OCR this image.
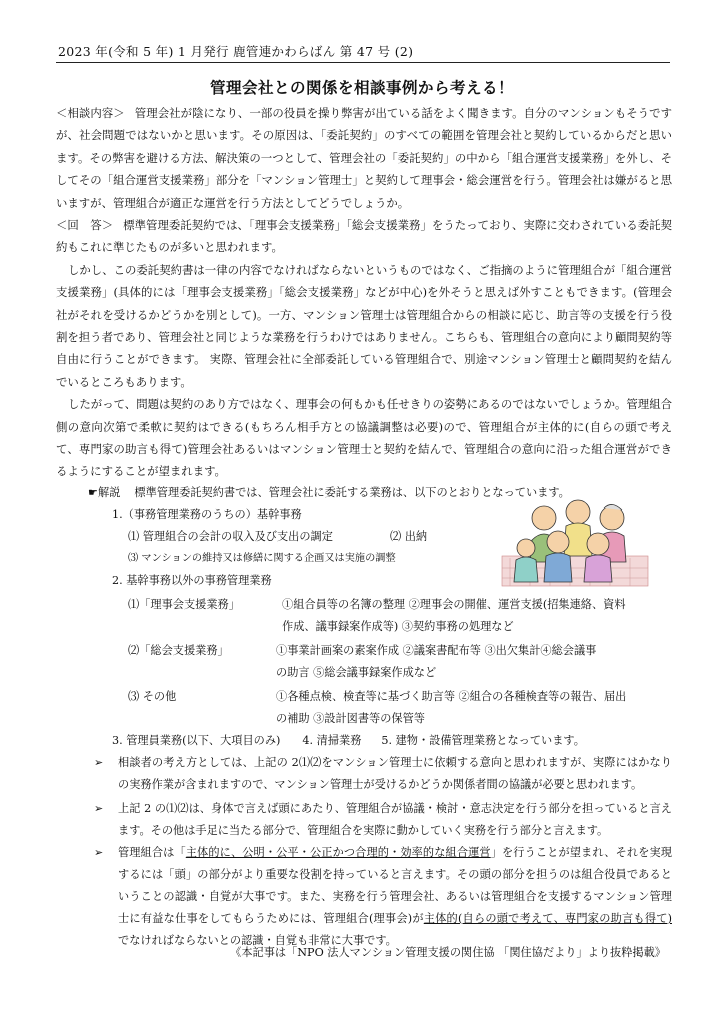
2023 年(令和 5 年) 1 月発行 鹿管連かわらばん 第 47 号 (2)
管理会社との関係を相談事例から考える！

＜相談内容＞ 管理会社が陰になり、一部の役員を操り弊害が出ている話をよく聞きます。自分のマンションもそうですが、社会問題ではないかと思います。その原因は、「委託契約」のすべての範囲を管理会社と契約しているからだと思います。その弊害を避ける方法、解決策の一つとして、管理会社の「委託契約」の中から「組合運営支援業務」を外し、そしてその「組合運営支援業務」部分を「マンション管理士」と契約して理事会・総会運営を行う。管理会社は嫌がると思いますが、管理組合が適正な運営を行う方法としてどうでしょうか。

＜回　答＞ 標準管理委託契約では、「理事会支援業務」「総会支援業務」をうたっており、実際に交わされている委託契約もこれに準じたものが多いと思われます。

しかし、この委託契約書は一律の内容でなければならないというものではなく、ご指摘のように管理組合が「組合運営支援業務」(具体的には「理事会支援業務」「総会支援業務」などが中心)を外そうと思えば外すこともできます。(管理会社がそれを受けるかどうかを別として)。一方、マンション管理士は管理組合からの相談に応じ、助言等の支援を行う役割を担う者であり、管理会社と同じような業務を行うわけではありません。こちらも、管理組合の意向により顧問契約等自由に行うことができます。 実際、管理会社に全部委託している管理組合で、別途マンション管理士と顧問契約を結んでいるところもあります。

したがって、問題は契約のあり方ではなく、理事会の何もかも任せきりの姿勢にあるのではないでしょうか。管理組合側の意向次第で柔軟に契約はできる(もちろん相手方との協議調整は必要)ので、管理組合が主体的に(自らの頭で考えて、専門家の助言も得て)管理会社あるいはマンション管理士と契約を結んで、管理組合の意向に沿った組合運営ができるようにすることが望まれます。

☛解説 標準管理委託契約書では、管理会社に委託する業務は、以下のとおりとなっています。
1.（事務管理業務のうちの）基幹事務
⑴ 管理組合の会計の収入及び支出の調定	⑵ 出納
⑶ マンションの維持又は修繕に関する企画又は実施の調整
2. 基幹事務以外の事務管理業務
⑴「理事会支援業務」	①組合員等の名簿の整理 ②理事会の開催、運営支援(招集連絡、資料
作成、議事録案作成等) ③契約事務の処理など
⑵「総会支援業務」	①事業計画案の素案作成 ②議案書配布等 ③出欠集計④総会議事
の助言 ⑤総会議事録案作成など
⑶ その他	①各種点検、検査等に基づく助言等 ②組合の各種検査等の報告、届出
の補助 ③設計図書等の保管等
3. 管理員業務(以下、大項目のみ) 4. 清掃業務 5. 建物・設備管理業務となっています。
➢ 相談者の考え方としては、上記の 2⑴⑵をマンション管理士に依頼する意向と思われますが、実際にはかなりの実務作業が含まれますので、マンション管理士が受けるかどうか関係者間の協議が必要と思われます。
➢ 上記 2 の⑴⑵は、身体で言えば頭にあたり、管理組合が協議・検討・意志決定を行う部分を担っていると言えます。その他は手足に当たる部分で、管理組合を実際に動かしていく実務を行う部分と言えます。
➢ 管理組合は「主体的に、公明・公平・公正かつ合理的・効率的な組合運営」を行うことが望まれ、それを実現するには「頭」の部分がより重要な役割を持っていると言えます。その頭の部分を担うのは組合役員であるということの認識・自覚が大事です。また、実務を行う管理会社、あるいは管理組合を支援するマンション管理士に有益な仕事をしてもらうためには、管理組合(理事会)が主体的(自らの頭で考えて、専門家の助言も得て)でなければならないとの認識・自覚も非常に大事です。
《本記事は「NPO 法人マンション管理支援の関住協 「関住協だより」より抜粋掲載》
